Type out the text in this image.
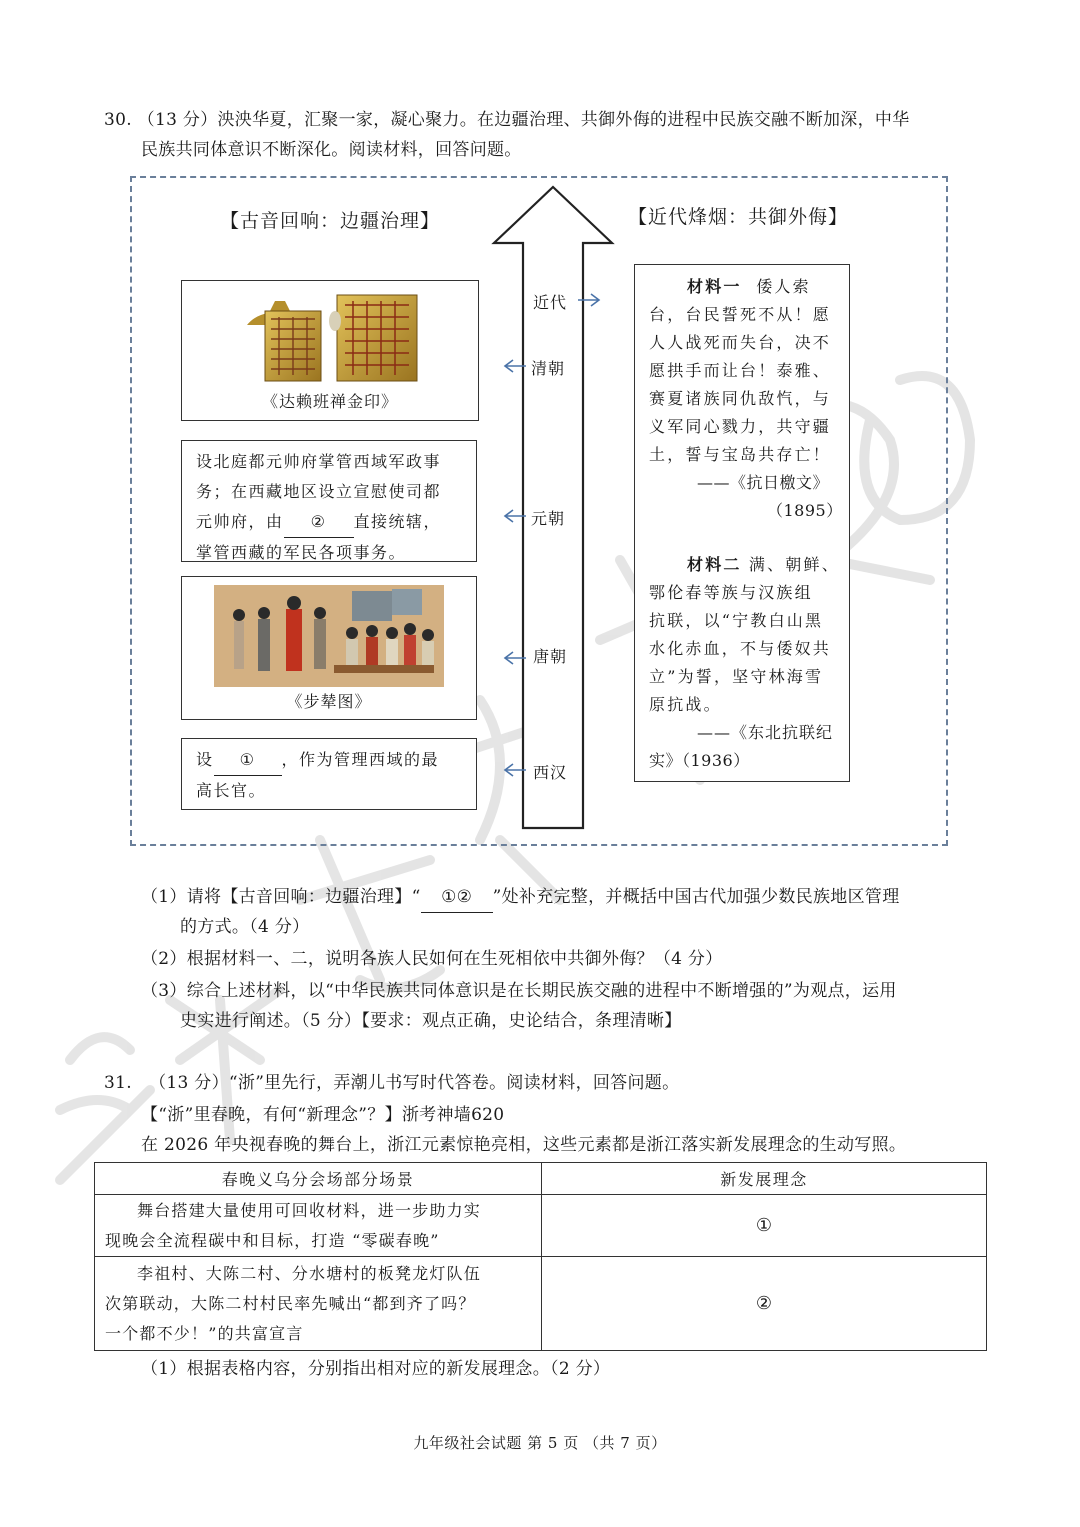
30. （13 分）泱泱华夏，汇聚一家，凝心聚力。在边疆治理、共御外侮的进程中民族交融不断加深，中华
民族共同体意识不断深化。阅读材料，回答问题。
【古音回响：边疆治理】	【近代烽烟：共御外侮】
近代
清朝
元朝
唐朝
西汉
《达赖班禅金印》
设北庭都元帅府掌管西域军政事
务；在西藏地区设立宣慰使司都
元帅府，由 ② 直接统辖，
掌管西藏的军民各项事务。
《步辇图》
设 ① ，作为管理西域的最
高长官。
材料一 倭人索
台，台民誓死不从！愿
人人战死而失台，决不
愿拱手而让台！泰雅、
赛夏诸族同仇敌忾，与
义军同心戮力，共守疆
土，誓与宝岛共存亡！
——《抗日檄文》
（1895）
材料二 满、朝鲜、
鄂伦春等族与汉族组
抗联，以“宁教白山黑
水化赤血，不与倭奴共
立”为誓，坚守林海雪
原抗战。
——《东北抗联纪
实》（1936）
（1）请将【古音回响：边疆治理】“ ①② ”处补充完整，并概括中国古代加强少数民族地区管理
的方式。（4 分）
（2）根据材料一、二，说明各族人民如何在生死相依中共御外侮？（4 分）
（3）综合上述材料，以“中华民族共同体意识是在长期民族交融的进程中不断增强的”为观点，运用
史实进行阐述。（5 分）【要求：观点正确，史论结合，条理清晰】
31. （13 分）“浙”里先行，弄潮儿书写时代答卷。阅读材料，回答问题。
【“浙”里春晚，有何“新理念”？】浙考神墙620
在 2026 年央视春晚的舞台上，浙江元素惊艳亮相，这些元素都是浙江落实新发展理念的生动写照。
春晚义乌分会场部分场景	新发展理念

舞台搭建大量使用可回收材料，进一步助力实
现晚会全流程碳中和目标，打造 “零碳春晚”	①

李祖村、大陈二村、分水塘村的板凳龙灯队伍
次第联动，大陈二村村民率先喊出“都到齐了吗？
一个都不少！”的共富宣言	②
（1）根据表格内容，分别指出相对应的新发展理念。（2 分）
九年级社会试题 第 5 页 （共 7 页）
